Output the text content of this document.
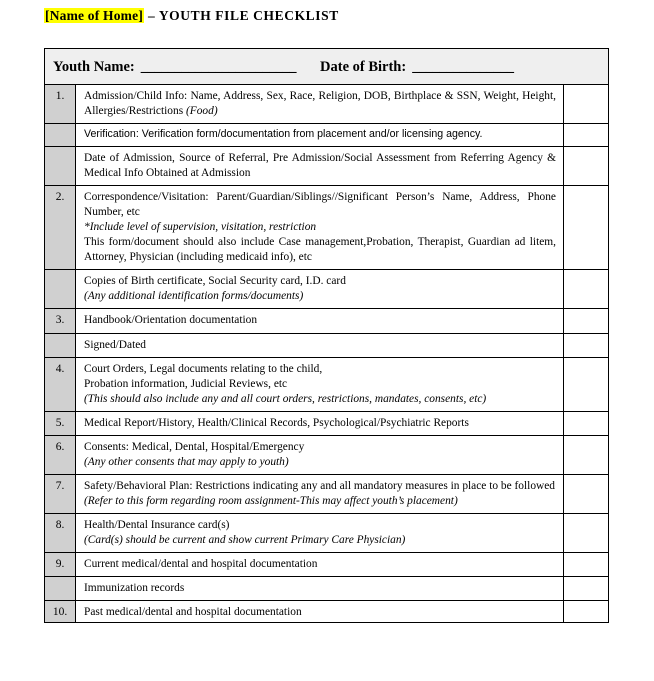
[Name of Home] – YOUTH FILE CHECKLIST
Youth Name: _______________________ Date of Birth: _______________		

1.	Admission/Child Info: Name, Address, Sex, Race, Religion, DOB, Birthplace & SSN, Weight, Height, Allergies/Restrictions (Food)	

	Verification: Verification form/documentation from placement and/or licensing agency.	

	Date of Admission, Source of Referral, Pre Admission/Social Assessment from Referring Agency & Medical Info Obtained at Admission	

2.	Correspondence/Visitation: Parent/Guardian/Siblings//Significant Person’s Name, Address, Phone Number, etc
*Include level of supervision, visitation, restriction
This form/document should also include Case management,Probation, Therapist, Guardian ad litem, Attorney, Physician (including medicaid info), etc	

	Copies of Birth certificate, Social Security card, I.D. card
(Any additional identification forms/documents)	

3.	Handbook/Orientation documentation	

	Signed/Dated	

4.	Court Orders, Legal documents relating to the child,
Probation information, Judicial Reviews, etc
(This should also include any and all court orders, restrictions, mandates, consents, etc)	

5.	Medical Report/History, Health/Clinical Records, Psychological/Psychiatric Reports	

6.	Consents: Medical, Dental, Hospital/Emergency
(Any other consents that may apply to youth)	

7.	Safety/Behavioral Plan: Restrictions indicating any and all mandatory measures in place to be followed
(Refer to this form regarding room assignment-This may affect youth’s placement)	

8.	Health/Dental Insurance card(s)
(Card(s) should be current and show current Primary Care Physician)	

9.	Current medical/dental and hospital documentation	

	Immunization records	

10.	Past medical/dental and hospital documentation	
